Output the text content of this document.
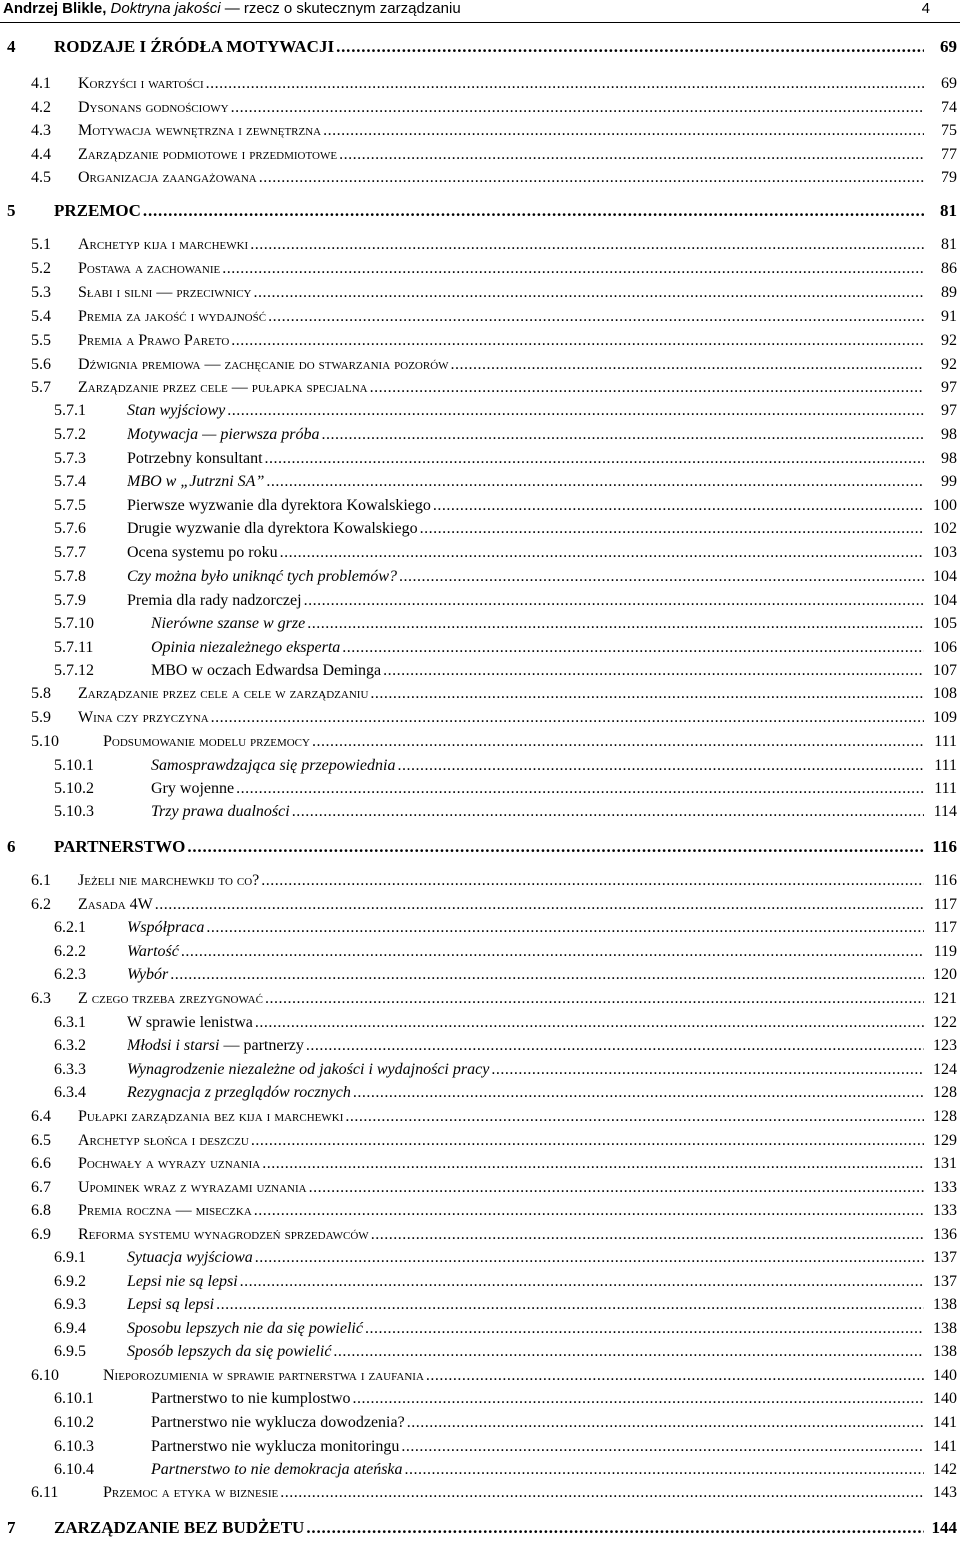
Andrzej Blikle, Doktryna jakości — rzecz o skutecznym zarządzaniu	4
4 RODZAJE I ŹRÓDŁA MOTYWACJI .....	69
4.1 Korzyści i wartości .....	69
4.2 Dysonans godnościowy .....	74
4.3 Motywacja wewnętrzna i zewnętrzna .....	75
4.4 Zarządzanie podmiotowe i przedmiotowe .....	77
4.5 Organizacja zaangażowana .....	79
5 PRZEMOC .....	81
5.1 Archetyp kija i marchewki .....	81
5.2 Postawa a zachowanie .....	86
5.3 Słabi i silni — przeciwnicy .....	89
5.4 Premia za jakość i wydajność .....	91
5.5 Premia a Prawo Pareto .....	92
5.6 Dźwignia premiowa — zachęcanie do stwarzania pozorów .....	92
5.7 Zarządzanie przez cele — pułapka specjalna .....	97
5.7.1	Stan wyjściowy .....	97
5.7.2	Motywacja — pierwsza próba .....	98
5.7.3	Potrzebny konsultant .....	98
5.7.4	MBO w „Jutrzni SA” .....	99
5.7.5	Pierwsze wyzwanie dla dyrektora Kowalskiego .....	100
5.7.6	Drugie wyzwanie dla dyrektora Kowalskiego .....	102
5.7.7	Ocena systemu po roku .....	103
5.7.8	Czy można było uniknąć tych problemów? .....	104
5.7.9	Premia dla rady nadzorczej .....	104
5.7.10	Nierówne szanse w grze .....	105
5.7.11	Opinia niezależnego eksperta .....	106
5.7.12	MBO w oczach Edwardsa Deminga .....	107
5.8 Zarządzanie przez cele a cele w zarządzaniu .....	108
5.9 Wina czy przyczyna .....	109
5.10	Podsumowanie modelu przemocy .....	111
5.10.1	Samosprawdzająca się przepowiednia .....	111
5.10.2	Gry wojenne .....	111
5.10.3	Trzy prawa dualności .....	114
6 PARTNERSTWO .....	116
6.1 Jeżeli nie marchewkij to co? .....	116
6.2 Zasada 4W .....	117
6.2.1	Współpraca .....	117
6.2.2	Wartość .....	119
6.2.3	Wybór .....	120
6.3 Z czego trzeba zrezygnować .....	121
6.3.1	W sprawie lenistwa .....	122
6.3.2	Młodsi i starsi — partnerzy .....	123
6.3.3	Wynagrodzenie niezależne od jakości i wydajności pracy .....	124
6.3.4	Rezygnacja z przeglądów rocznych .....	128
6.4 Pułapki zarządzania bez kija i marchewki .....	128
6.5 Archetyp słońca i deszczu .....	129
6.6 Pochwały a wyrazy uznania .....	131
6.7 Upominek wraz z wyrazami uznania .....	133
6.8 Premia roczna — miseczka .....	133
6.9 Reforma systemu wynagrodzeń sprzedawców .....	136
6.9.1	Sytuacja wyjściowa .....	137
6.9.2	Lepsi nie są lepsi .....	137
6.9.3	Lepsi są lepsi .....	138
6.9.4	Sposobu lepszych nie da się powielić .....	138
6.9.5	Sposób lepszych da się powielić .....	138
6.10	Nieporozumienia w sprawie partnerstwa i zaufania .....	140
6.10.1	Partnerstwo to nie kumplostwo .....	140
6.10.2	Partnerstwo nie wyklucza dowodzenia? .....	141
6.10.3	Partnerstwo nie wyklucza monitoringu .....	141
6.10.4	Partnerstwo to nie demokracja ateńska .....	142
6.11	Przemoc a etyka w biznesie .....	143
7 ZARZĄDZANIE BEZ BUDŻETU .....	144
